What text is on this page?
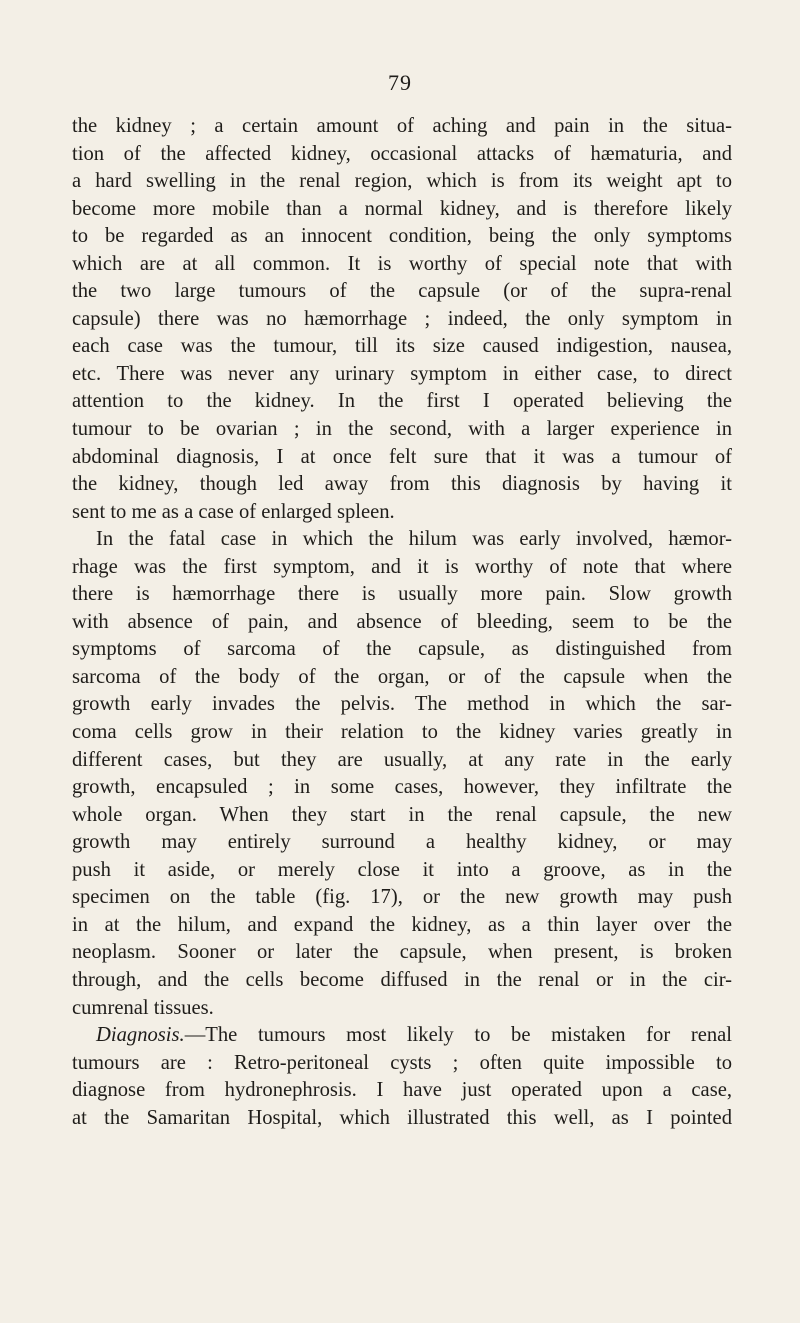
79

the kidney ; a certain amount of aching and pain in the situa-

tion of the affected kidney, occasional attacks of hæmaturia, and

a hard swelling in the renal region, which is from its weight apt to

become more mobile than a normal kidney, and is therefore likely

to be regarded as an innocent condition, being the only symptoms

which are at all common. It is worthy of special note that with

the two large tumours of the capsule (or of the supra-renal

capsule) there was no hæmorrhage ; indeed, the only symptom in

each case was the tumour, till its size caused indigestion, nausea,

etc. There was never any urinary symptom in either case, to direct

attention to the kidney. In the first I operated believing the

tumour to be ovarian ; in the second, with a larger experience in

abdominal diagnosis, I at once felt sure that it was a tumour of

the kidney, though led away from this diagnosis by having it

sent to me as a case of enlarged spleen.

In the fatal case in which the hilum was early involved, hæmor-

rhage was the first symptom, and it is worthy of note that where

there is hæmorrhage there is usually more pain. Slow growth

with absence of pain, and absence of bleeding, seem to be the

symptoms of sarcoma of the capsule, as distinguished from

sarcoma of the body of the organ, or of the capsule when the

growth early invades the pelvis. The method in which the sar-

coma cells grow in their relation to the kidney varies greatly in

different cases, but they are usually, at any rate in the early

growth, encapsuled ; in some cases, however, they infiltrate the

whole organ. When they start in the renal capsule, the new

growth may entirely surround a healthy kidney, or may

push it aside, or merely close it into a groove, as in the

specimen on the table (fig. 17), or the new growth may push

in at the hilum, and expand the kidney, as a thin layer over the

neoplasm. Sooner or later the capsule, when present, is broken

through, and the cells become diffused in the renal or in the cir-

cumrenal tissues.

Diagnosis.—The tumours most likely to be mistaken for renal

tumours are : Retro-peritoneal cysts ; often quite impossible to

diagnose from hydronephrosis. I have just operated upon a case,

at the Samaritan Hospital, which illustrated this well, as I pointed
